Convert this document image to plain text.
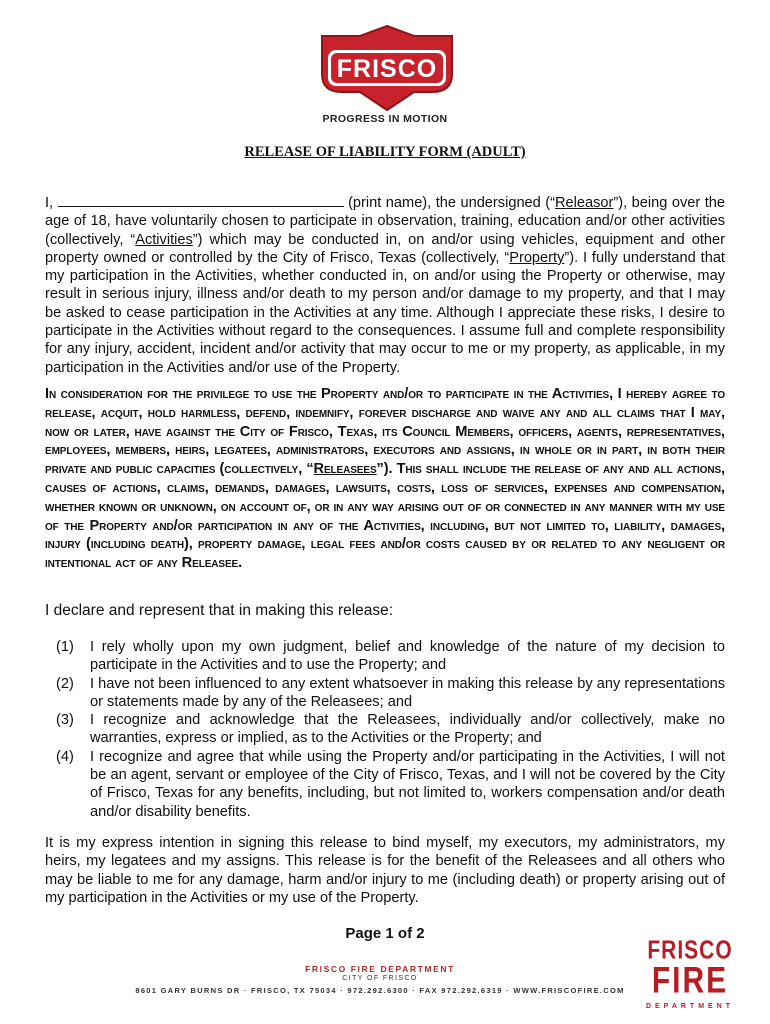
FRISCO
PROGRESS IN MOTION
RELEASE OF LIABILITY FORM (ADULT)

I,	(print name), the undersigned (“Releasor”), being over the age of 18, have voluntarily chosen to participate in observation, training, education and/or other activities (collectively, “Activities”) which may be conducted in, on and/or using vehicles, equipment and other property owned or controlled by the City of Frisco, Texas (collectively, “Property”). I fully understand that my participation in the Activities, whether conducted in, on and/or using the Property or otherwise, may result in serious injury, illness and/or death to my person and/or damage to my property, and that I may be asked to cease participation in the Activities at any time. Although I appreciate these risks, I desire to participate in the Activities without regard to the consequences. I assume full and complete responsibility for any injury, accident, incident and/or activity that may occur to me or my property, as applicable, in my participation in the Activities and/or use of the Property.

In consideration for the privilege to use the Property and/or to participate in the Activities, I hereby agree to release, acquit, hold harmless, defend, indemnify, forever discharge and waive any and all claims that I may, now or later, have against the City of Frisco, Texas, its Council Members, officers, agents, representatives, employees, members, heirs, legatees, administrators, executors and assigns, in whole or in part, in both their private and public capacities (collectively, “Releasees”). This shall include the release of any and all actions, causes of actions, claims, demands, damages, lawsuits, costs, loss of services, expenses and compensation, whether known or unknown, on account of, or in any way arising out of or connected in any manner with my use of the Property and/or participation in any of the Activities, including, but not limited to, liability, damages, injury (including death), property damage, legal fees and/or costs caused by or related to any negligent or intentional act of any Releasee.

I declare and represent that in making this release:

(1)	I rely wholly upon my own judgment, belief and knowledge of the nature of my decision to participate in the Activities and to use the Property; and
(2)	I have not been influenced to any extent whatsoever in making this release by any representations or statements made by any of the Releasees; and
(3)	I recognize and acknowledge that the Releasees, individually and/or collectively, make no warranties, express or implied, as to the Activities or the Property; and
(4)	I recognize and agree that while using the Property and/or participating in the Activities, I will not be an agent, servant or employee of the City of Frisco, Texas, and I will not be covered by the City of Frisco, Texas for any benefits, including, but not limited to, workers compensation and/or death and/or disability benefits.

It is my express intention in signing this release to bind myself, my executors, my administrators, my heirs, my legatees and my assigns. This release is for the benefit of the Releasees and all others who may be liable to me for any damage, harm and/or injury to me (including death) or property arising out of my participation in the Activities or my use of the Property.

Page 1 of 2
FRISCO FIRE DEPARTMENT
CITY OF FRISCO
8601 GARY BURNS DR · FRISCO, TX 75034 · 972.292.6300 · FAX 972.292.6319 · WWW.FRISCOFIRE.COM
FRISCO
FIRE
DEPARTMENT
